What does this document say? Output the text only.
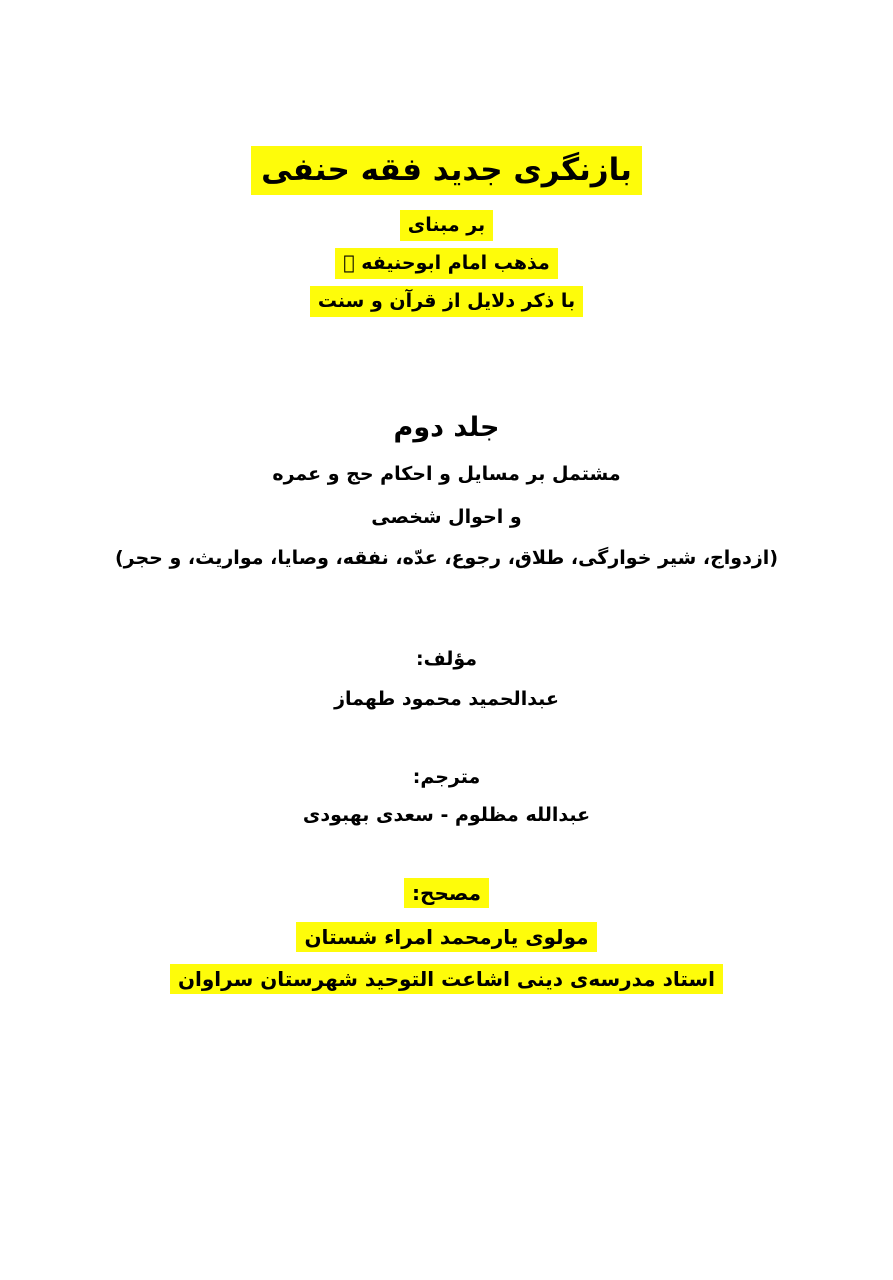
بازنگری جدید فقه حنفی
بر مبنای
مذهب امام ابوحنیفه ﷬
با ذکر دلایل از قرآن و سنت
جلد دوم
مشتمل بر مسایل و احکام حج و عمره
و احوال شخصی
(ازدواج، شیر خوارگی، طلاق، رجوع، عدّه، نفقه، وصایا، مواریث، و حجر)
مؤلف:
عبدالحمید محمود طهماز
مترجم:
عبدالله مظلوم - سعدی بهبودی
مصحح:
مولوی یارمحمد امراء شستان
استاد مدرسه‌ی دینی اشاعت التوحید شهرستان سراوان
